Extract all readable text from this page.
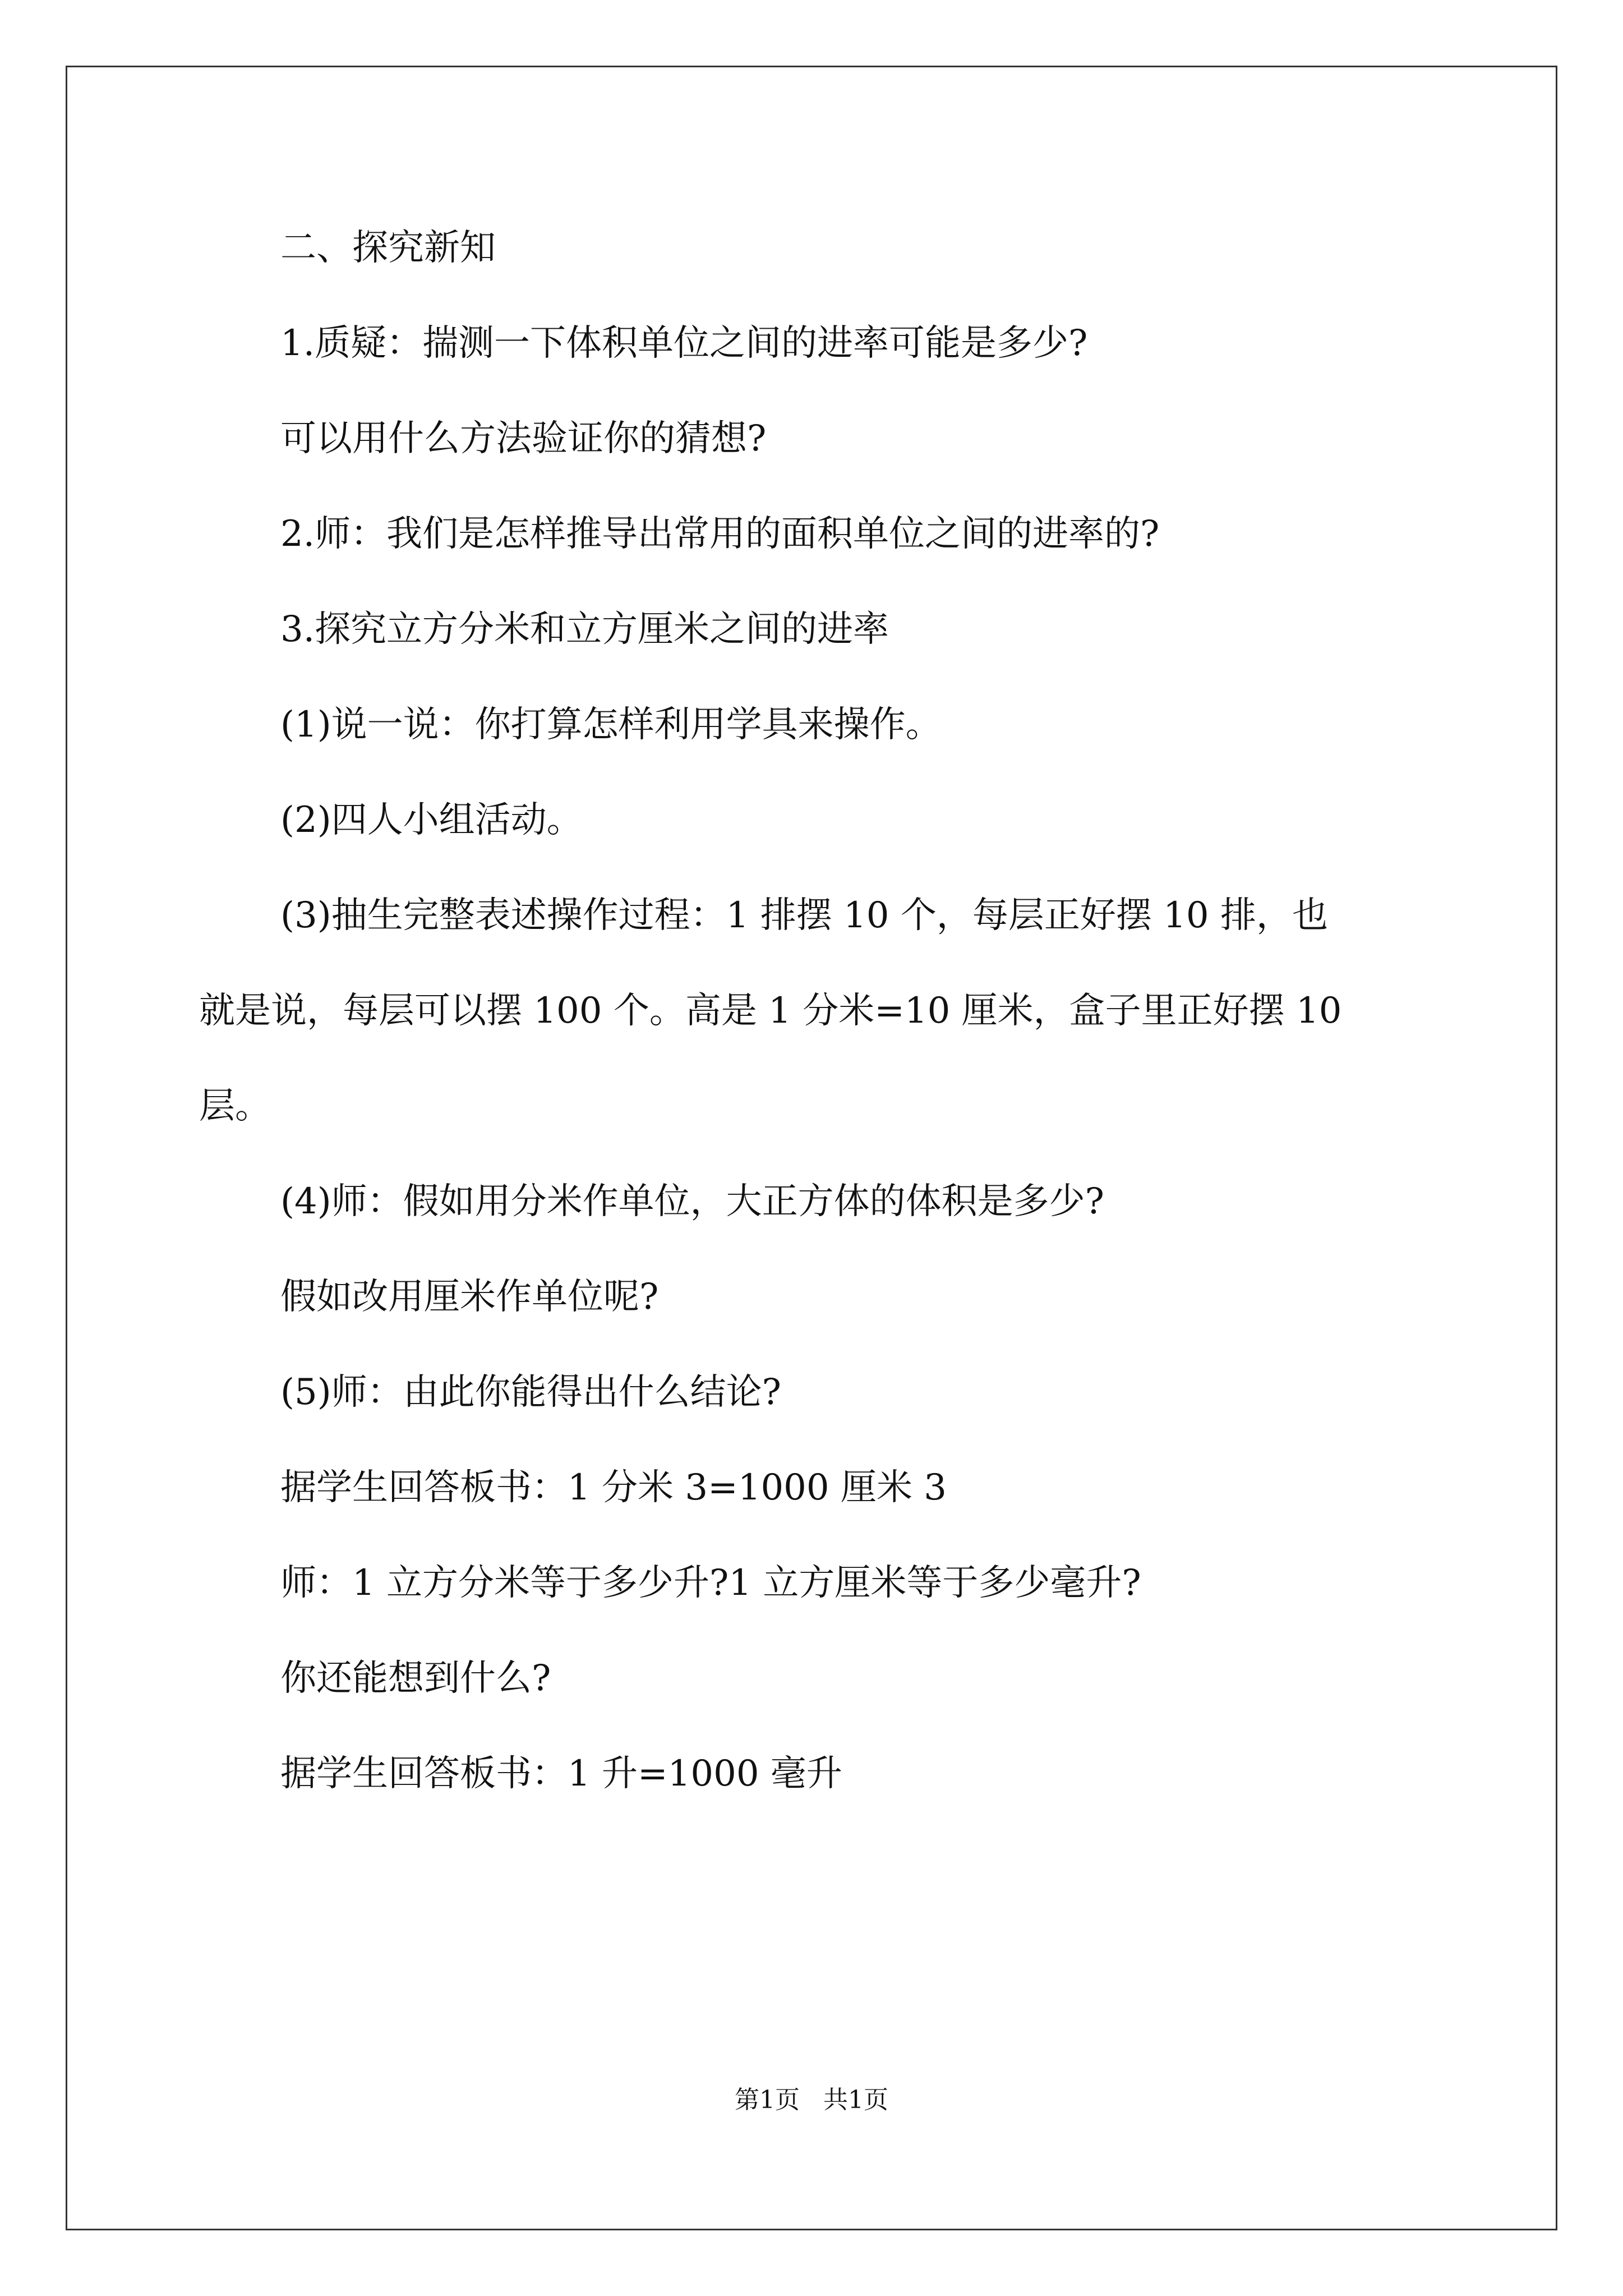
二、探究新知
1.质疑：揣测一下体积单位之间的进率可能是多少?
可以用什么方法验证你的猜想?
2.师：我们是怎样推导出常用的面积单位之间的进率的?
3.探究立方分米和立方厘米之间的进率
(1)说一说：你打算怎样利用学具来操作。
(2)四人小组活动。
(3)抽生完整表述操作过程：1 排摆 10 个，每层正好摆 10 排，也
就是说，每层可以摆 100 个。高是 1 分米=10 厘米，盒子里正好摆 10
层。
(4)师：假如用分米作单位，大正方体的体积是多少?
假如改用厘米作单位呢?
(5)师：由此你能得出什么结论?
据学生回答板书：1 分米 3=1000 厘米 3
师：1 立方分米等于多少升?1 立方厘米等于多少毫升?
你还能想到什么?
据学生回答板书：1 升=1000 毫升
第1页   共1页
